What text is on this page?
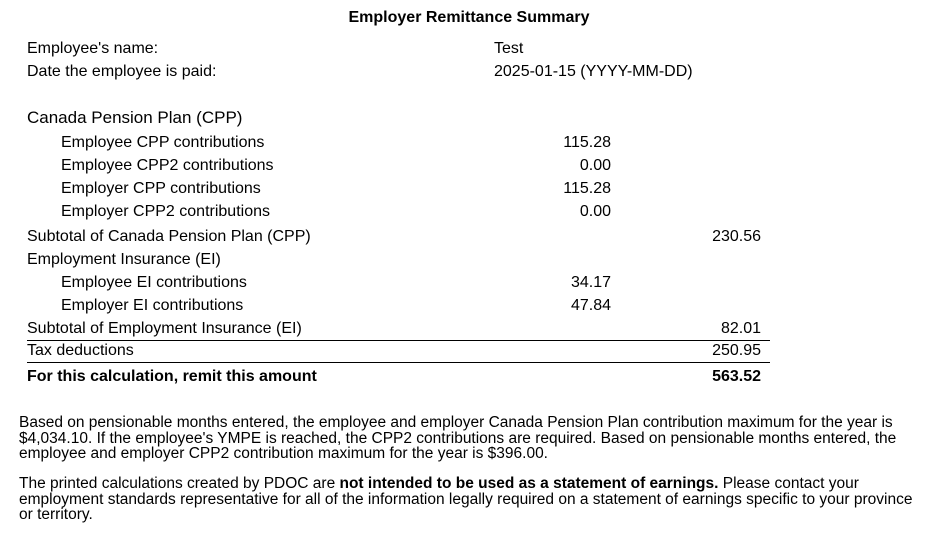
Employer Remittance Summary
Employee's name:	Test
Date the employee is paid:	2025-01-15 (YYYY-MM-DD)
Canada Pension Plan (CPP)
Employee CPP contributions	115.28
Employee CPP2 contributions	0.00
Employer CPP contributions	115.28
Employer CPP2 contributions	0.00
Subtotal of Canada Pension Plan (CPP)	230.56
Employment Insurance (EI)
Employee EI contributions	34.17
Employer EI contributions	47.84
Subtotal of Employment Insurance (EI)	82.01
Tax deductions	250.95
For this calculation, remit this amount	563.52
Based on pensionable months entered, the employee and employer Canada Pension Plan contribution maximum for the year is $4,034.10. If the employee's YMPE is reached, the CPP2 contributions are required. Based on pensionable months entered, the employee and employer CPP2 contribution maximum for the year is $396.00.
The printed calculations created by PDOC are not intended to be used as a statement of earnings. Please contact your employment standards representative for all of the information legally required on a statement of earnings specific to your province or territory.
